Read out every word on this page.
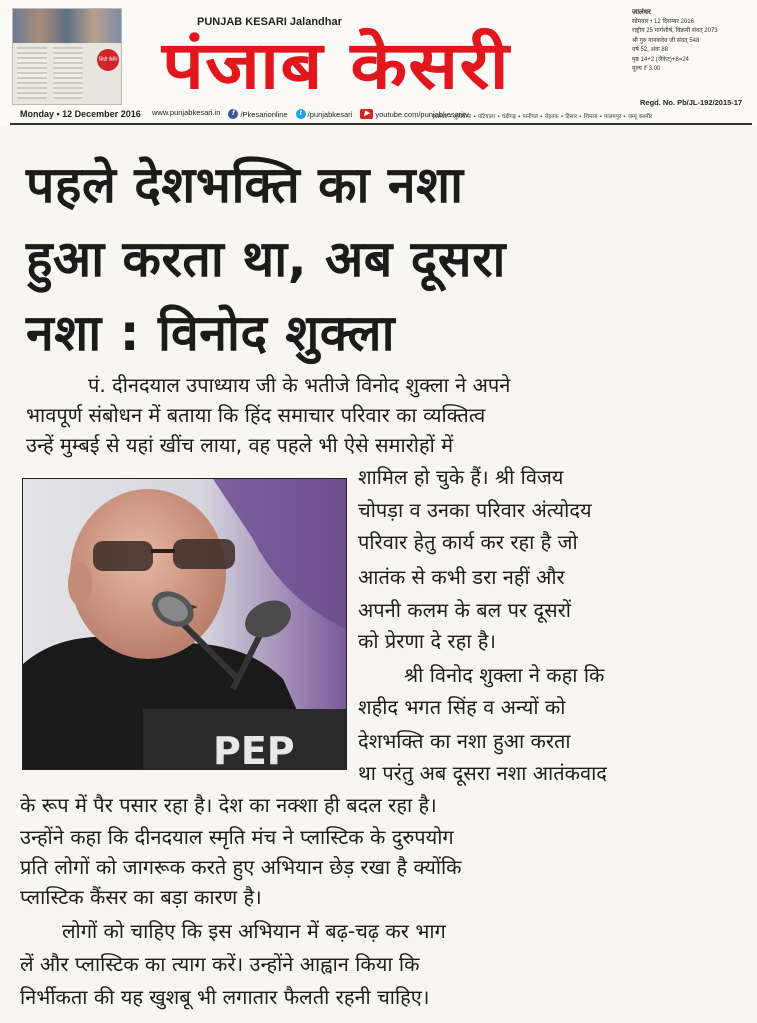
सिटी कैपि
PUNJAB KESARI Jalandhar
पंजाब केसरी
जालंधर
सोमवार • 12 दिसम्बर 2016
राष्ट्रीय 25 मार्गशीर्ष, विक्रमी संवत् 2073
श्री गुरु नानकदेव जी संवत् 548
वर्ष 52, अंक 88
पृष्ठ 14+2 (जैकेट)+8=24
मूल्य ₹ 3.00
Regd. No. Pb/JL-192/2015-17
Monday • 12 December 2016 www.punjabkesari.in	f /Pkesarionline
	t /punjabkesari
	▶ youtube.com/punjabkesaritv
जालंधर • लुधियाना • पटियाला • चंडीगढ़ • पानीपत • रोहतक • हिसार • शिमला • पालमपुर • जम्मू कश्मीर
पहले देशभक्ति का नशा
हुआ करता था, अब दूसरा
नशा : विनोद शुक्ला
पं. दीनदयाल उपाध्याय जी के भतीजे विनोद शुक्ला ने अपने
भावपूर्ण संबोधन में बताया कि हिंद समाचार परिवार का व्यक्तित्व
उन्हें मुम्बई से यहां खींच लाया, वह पहले भी ऐसे समारोहों में
शामिल हो चुके हैं। श्री विजय
चोपड़ा व उनका परिवार अंत्योदय
परिवार हेतु कार्य कर रहा है जो
आतंक से कभी डरा नहीं और
अपनी कलम के बल पर दूसरों
को प्रेरणा दे रहा है।
श्री विनोद शुक्ला ने कहा कि
शहीद भगत सिंह व अन्यों को
देशभक्ति का नशा हुआ करता
था परंतु अब दूसरा नशा आतंकवाद
के रूप में पैर पसार रहा है। देश का नक्शा ही बदल रहा है।
उन्होंने कहा कि दीनदयाल स्मृति मंच ने प्लास्टिक के दुरुपयोग
प्रति लोगों को जागरूक करते हुए अभियान छेड़ रखा है क्योंकि
प्लास्टिक कैंसर का बड़ा कारण है।
लोगों को चाहिए कि इस अभियान में बढ़-चढ़ कर भाग
लें और प्लास्टिक का त्याग करें। उन्होंने आह्वान किया कि
निर्भीकता की यह खुशबू भी लगातार फैलती रहनी चाहिए।
PEP
